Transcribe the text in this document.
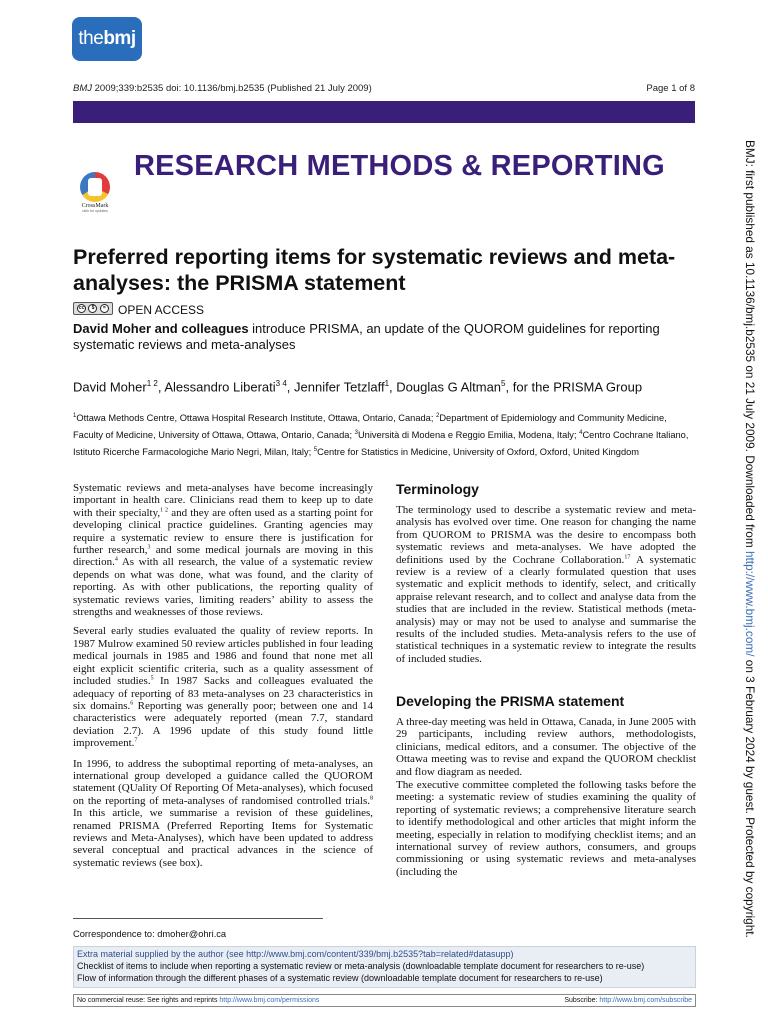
the bmj
BMJ 2009;339:b2535 doi: 10.1136/bmj.b2535 (Published 21 July 2009)	Page 1 of 8
RESEARCH METHODS & REPORTING
CrossMark
click for updates
Preferred reporting items for systematic reviews and meta-analyses: the PRISMA statement
cc	$	= OPEN ACCESS
David Moher and colleagues introduce PRISMA, an update of the QUOROM guidelines for reporting systematic reviews and meta-analyses
David Moher$^{1 2}$, Alessandro Liberati$^{3 4}$, Jennifer Tetzlaff$^1$, Douglas G Altman$^5$, for the PRISMA Group
$^1$Ottawa Methods Centre, Ottawa Hospital Research Institute, Ottawa, Ontario, Canada; $^2$Department of Epidemiology and Community Medicine, Faculty of Medicine, University of Ottawa, Ottawa, Ontario, Canada; $^3$Università di Modena e Reggio Emilia, Modena, Italy; $^4$Centro Cochrane Italiano, Istituto Ricerche Farmacologiche Mario Negri, Milan, Italy; $^5$Centre for Statistics in Medicine, University of Oxford, Oxford, United Kingdom

Systematic reviews and meta-analyses have become increasingly important in health care. Clinicians read them to keep up to date with their specialty,$^{1 2}$ and they are often used as a starting point for developing clinical practice guidelines. Granting agencies may require a systematic review to ensure there is justification for further research,$^3$ and some medical journals are moving in this direction.$^4$ As with all research, the value of a systematic review depends on what was done, what was found, and the clarity of reporting. As with other publications, the reporting quality of systematic reviews varies, limiting readers’ ability to assess the strengths and weaknesses of those reviews.

Several early studies evaluated the quality of review reports. In 1987 Mulrow examined 50 review articles published in four leading medical journals in 1985 and 1986 and found that none met all eight explicit scientific criteria, such as a quality assessment of included studies.$^5$ In 1987 Sacks and colleagues evaluated the adequacy of reporting of 83 meta-analyses on 23 characteristics in six domains.$^6$ Reporting was generally poor; between one and 14 characteristics were adequately reported (mean 7.7, standard deviation 2.7). A 1996 update of this study found little improvement.$^7$

In 1996, to address the suboptimal reporting of meta-analyses, an international group developed a guidance called the QUOROM statement (QUality Of Reporting Of Meta-analyses), which focused on the reporting of meta-analyses of randomised controlled trials.$^8$ In this article, we summarise a revision of these guidelines, renamed PRISMA (Preferred Reporting Items for Systematic reviews and Meta-Analyses), which have been updated to address several conceptual and practical advances in the science of systematic reviews (see box).

Terminology

The terminology used to describe a systematic review and meta-analysis has evolved over time. One reason for changing the name from QUOROM to PRISMA was the desire to encompass both systematic reviews and meta-analyses. We have adopted the definitions used by the Cochrane Collaboration.$^{17}$ A systematic review is a review of a clearly formulated question that uses systematic and explicit methods to identify, select, and critically appraise relevant research, and to collect and analyse data from the studies that are included in the review. Statistical methods (meta-analysis) may or may not be used to analyse and summarise the results of the included studies. Meta-analysis refers to the use of statistical techniques in a systematic review to integrate the results of included studies.

Developing the PRISMA statement

A three-day meeting was held in Ottawa, Canada, in June 2005 with 29 participants, including review authors, methodologists, clinicians, medical editors, and a consumer. The objective of the Ottawa meeting was to revise and expand the QUOROM checklist and flow diagram as needed.

The executive committee completed the following tasks before the meeting: a systematic review of studies examining the quality of reporting of systematic reviews; a comprehensive literature search to identify methodological and other articles that might inform the meeting, especially in relation to modifying checklist items; and an international survey of review authors, consumers, and groups commissioning or using systematic reviews and meta-analyses (including the

Correspondence to: dmoher@ohri.ca
Extra material supplied by the author (see http://www.bmj.com/content/339/bmj.b2535?tab=related#datasupp)
Checklist of items to include when reporting a systematic review or meta-analysis (downloadable template document for researchers to re-use)
Flow of information through the different phases of a systematic review (downloadable template document for researchers to re-use)
No commercial reuse: See rights and reprints http://www.bmj.com/permissions	Subscribe: http://www.bmj.com/subscribe
BMJ: first published as 10.1136/bmj.b2535 on 21 July 2009. Downloaded from http://www.bmj.com/ on 3 February 2024 by guest. Protected by copyright.
